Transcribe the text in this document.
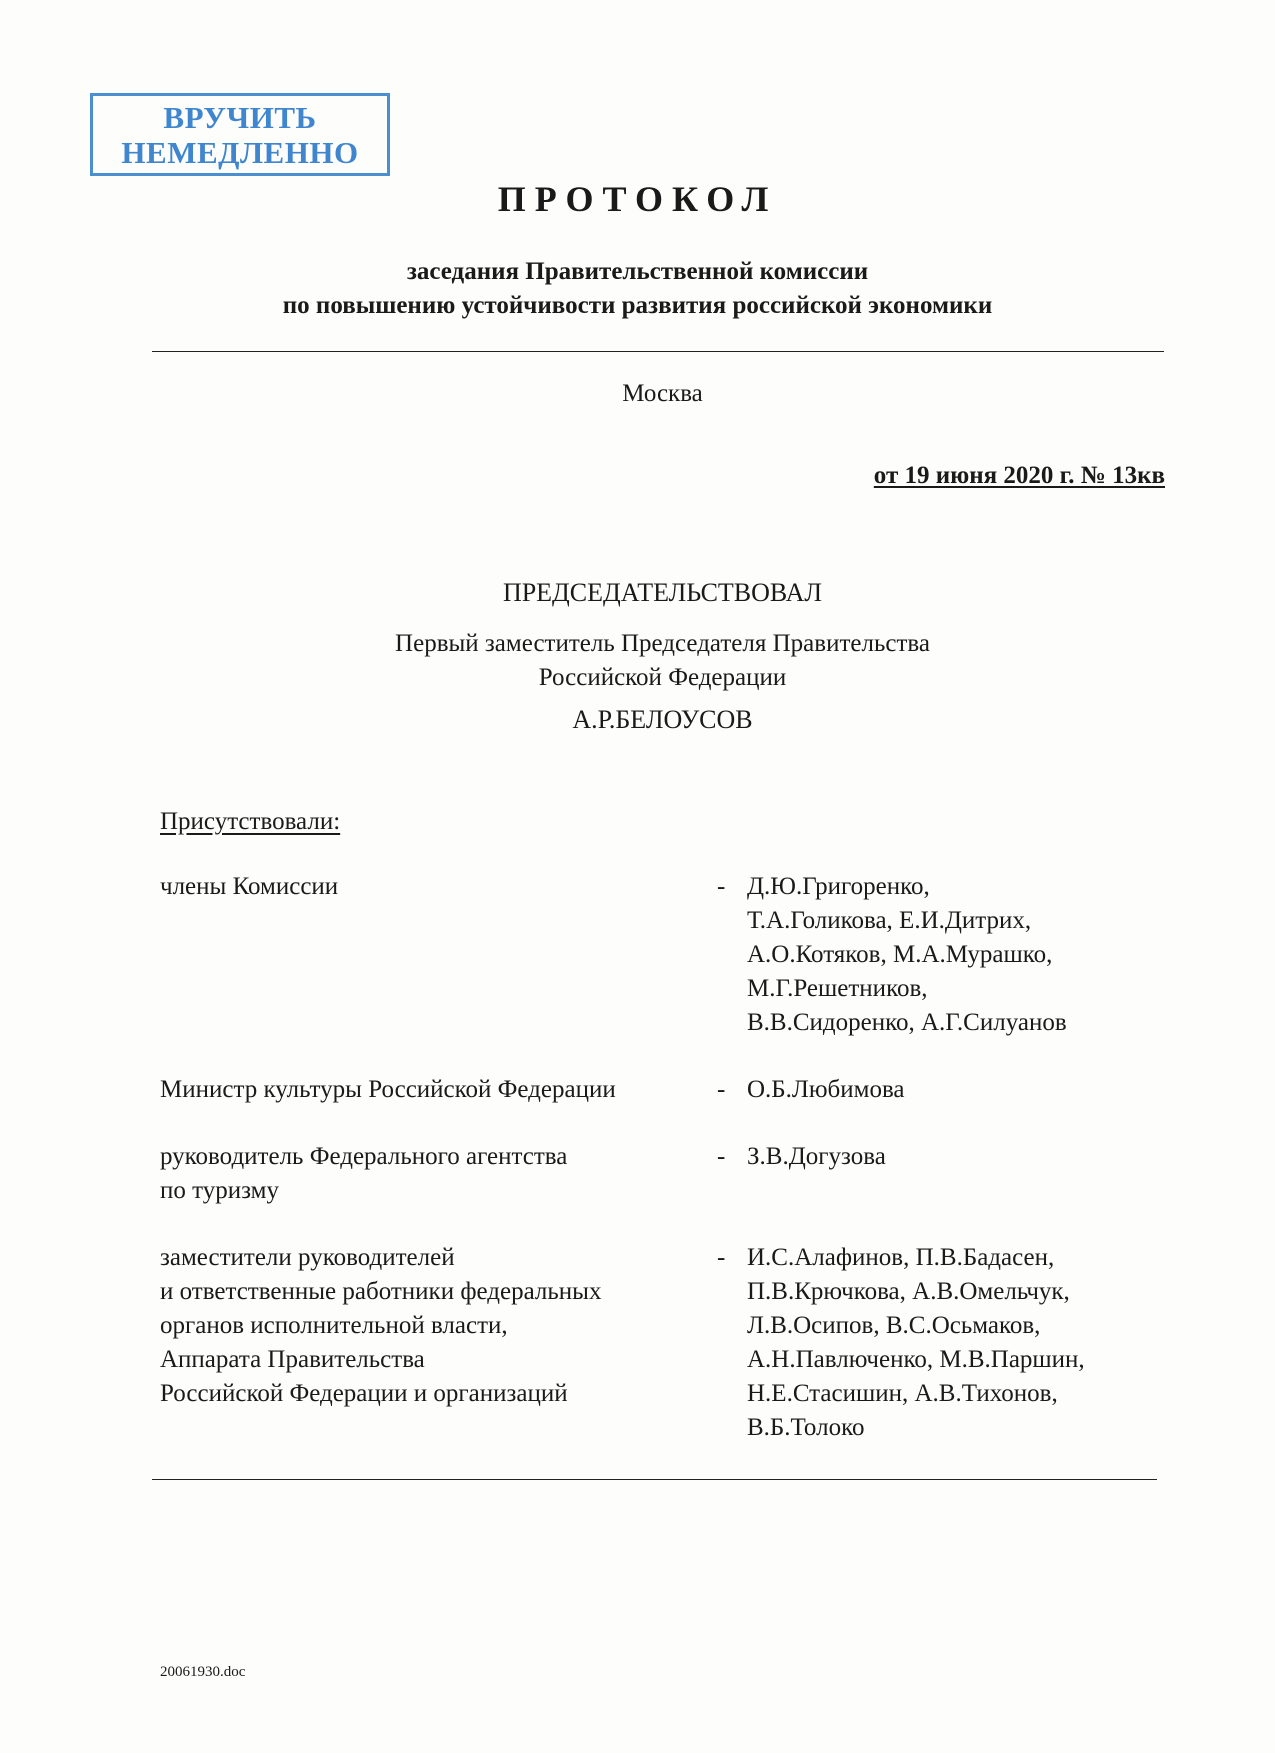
ВРУЧИТЬ
НЕМЕДЛЕННО
ПРОТОКОЛ
заседания Правительственной комиссии
по повышению устойчивости развития российской экономики
Москва
от 19 июня 2020 г. № 13кв
ПРЕДСЕДАТЕЛЬСТВОВАЛ
Первый заместитель Председателя Правительства
Российской Федерации
А.Р.БЕЛОУСОВ
Присутствовали:
члены Комиссии	- Д.Ю.Григоренко,
Т.А.Голикова, Е.И.Дитрих,
А.О.Котяков, М.А.Мурашко,
М.Г.Решетников,
В.В.Сидоренко, А.Г.Силуанов
Министр культуры Российской Федерации	- О.Б.Любимова
руководитель Федерального агентства
по туризму
- З.В.Догузова
заместители руководителей
и ответственные работники федеральных
органов исполнительной власти,
Аппарата Правительства
Российской Федерации и организаций
- И.С.Алафинов, П.В.Бадасен,
П.В.Крючкова, А.В.Омельчук,
Л.В.Осипов, В.С.Осьмаков,
А.Н.Павлюченко, М.В.Паршин,
Н.Е.Стасишин, А.В.Тихонов,
В.Б.Толоко
20061930.doc
